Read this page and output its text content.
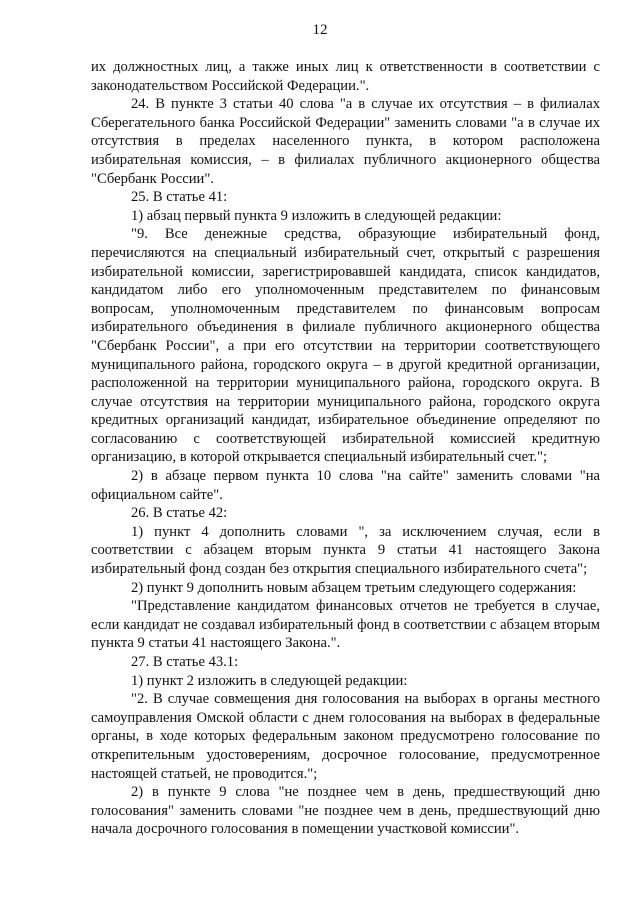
12

их должностных лиц, а также иных лиц к ответственности в соответствии с законодательством Российской Федерации.".

24. В пункте 3 статьи 40 слова "а в случае их отсутствия – в филиалах Сберегательного банка Российской Федерации" заменить словами "а в случае их отсутствия в пределах населенного пункта, в котором расположена избирательная комиссия, – в филиалах публичного акционерного общества "Сбербанк России".

25. В статье 41:

1) абзац первый пункта 9 изложить в следующей редакции:

"9. Все денежные средства, образующие избирательный фонд, перечисляются на специальный избирательный счет, открытый с разрешения избирательной комиссии, зарегистрировавшей кандидата, список кандидатов, кандидатом либо его уполномоченным представителем по финансовым вопросам, уполномоченным представителем по финансовым вопросам избирательного объединения в филиале публичного акционерного общества "Сбербанк России", а при его отсутствии на территории соответствующего муниципального района, городского округа – в другой кредитной организации, расположенной на территории муниципального района, городского округа. В случае отсутствия на территории муниципального района, городского округа кредитных организаций кандидат, избирательное объединение определяют по согласованию с соответствующей избирательной комиссией кредитную организацию, в которой открывается специальный избирательный счет.";

2) в абзаце первом пункта 10 слова "на сайте" заменить словами "на официальном сайте".

26. В статье 42:

1) пункт 4 дополнить словами ", за исключением случая, если в соответствии с абзацем вторым пункта 9 статьи 41 настоящего Закона избирательный фонд создан без открытия специального избирательного счета";

2) пункт 9 дополнить новым абзацем третьим следующего содержания:

"Представление кандидатом финансовых отчетов не требуется в случае, если кандидат не создавал избирательный фонд в соответствии с абзацем вторым пункта 9 статьи 41 настоящего Закона.".

27. В статье 43.1:

1) пункт 2 изложить в следующей редакции:

"2. В случае совмещения дня голосования на выборах в органы местного самоуправления Омской области с днем голосования на выборах в федеральные органы, в ходе которых федеральным законом предусмотрено голосование по открепительным удостоверениям, досрочное голосование, предусмотренное настоящей статьей, не проводится.";

2) в пункте 9 слова "не позднее чем в день, предшествующий дню голосования" заменить словами "не позднее чем в день, предшествующий дню начала досрочного голосования в помещении участковой комиссии".
